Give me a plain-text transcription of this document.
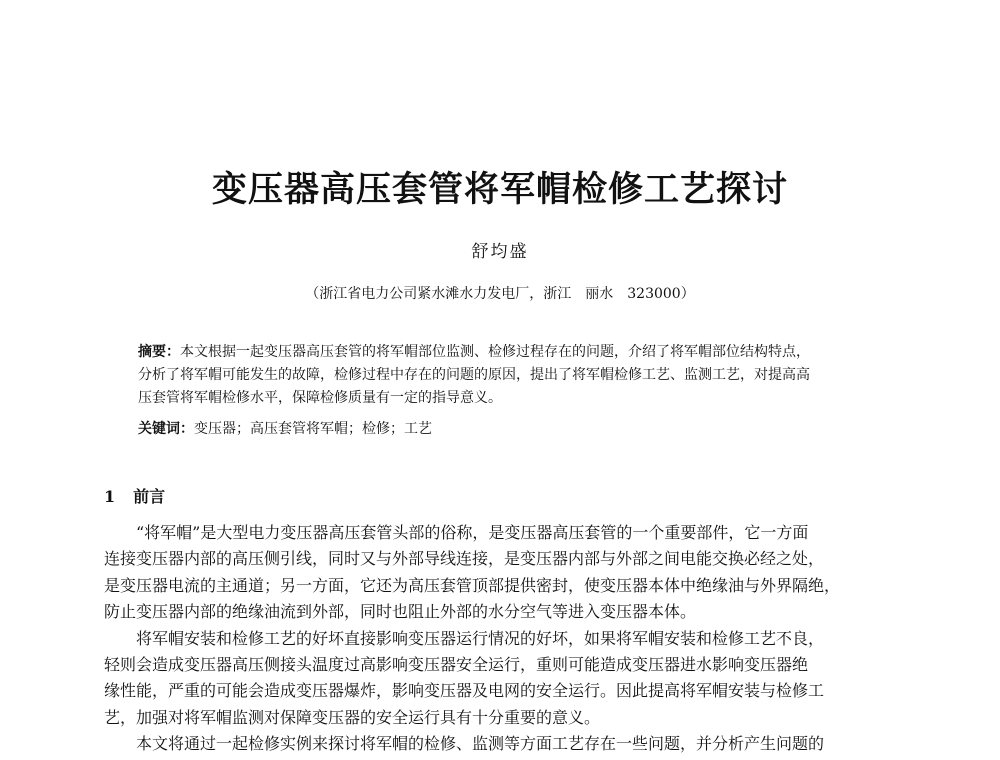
变压器高压套管将军帽检修工艺探讨
舒均盛
（浙江省电力公司紧水滩水力发电厂，浙江　丽水　323000）
摘要：本文根据一起变压器高压套管的将军帽部位监测、检修过程存在的问题，介绍了将军帽部位结构特点，
分析了将军帽可能发生的故障，检修过程中存在的问题的原因，提出了将军帽检修工艺、监测工艺，对提高高
压套管将军帽检修水平，保障检修质量有一定的指导意义。
关键词：变压器；高压套管将军帽；检修；工艺
1 前言
“将军帽”是大型电力变压器高压套管头部的俗称，是变压器高压套管的一个重要部件，它一方面
连接变压器内部的高压侧引线，同时又与外部导线连接，是变压器内部与外部之间电能交换必经之处，
是变压器电流的主通道；另一方面，它还为高压套管顶部提供密封，使变压器本体中绝缘油与外界隔绝，
防止变压器内部的绝缘油流到外部，同时也阻止外部的水分空气等进入变压器本体。
将军帽安装和检修工艺的好坏直接影响变压器运行情况的好坏，如果将军帽安装和检修工艺不良，
轻则会造成变压器高压侧接头温度过高影响变压器安全运行，重则可能造成变压器进水影响变压器绝
缘性能，严重的可能会造成变压器爆炸，影响变压器及电网的安全运行。因此提高将军帽安装与检修工
艺，加强对将军帽监测对保障变压器的安全运行具有十分重要的意义。
本文将通过一起检修实例来探讨将军帽的检修、监测等方面工艺存在一些问题，并分析产生问题的
